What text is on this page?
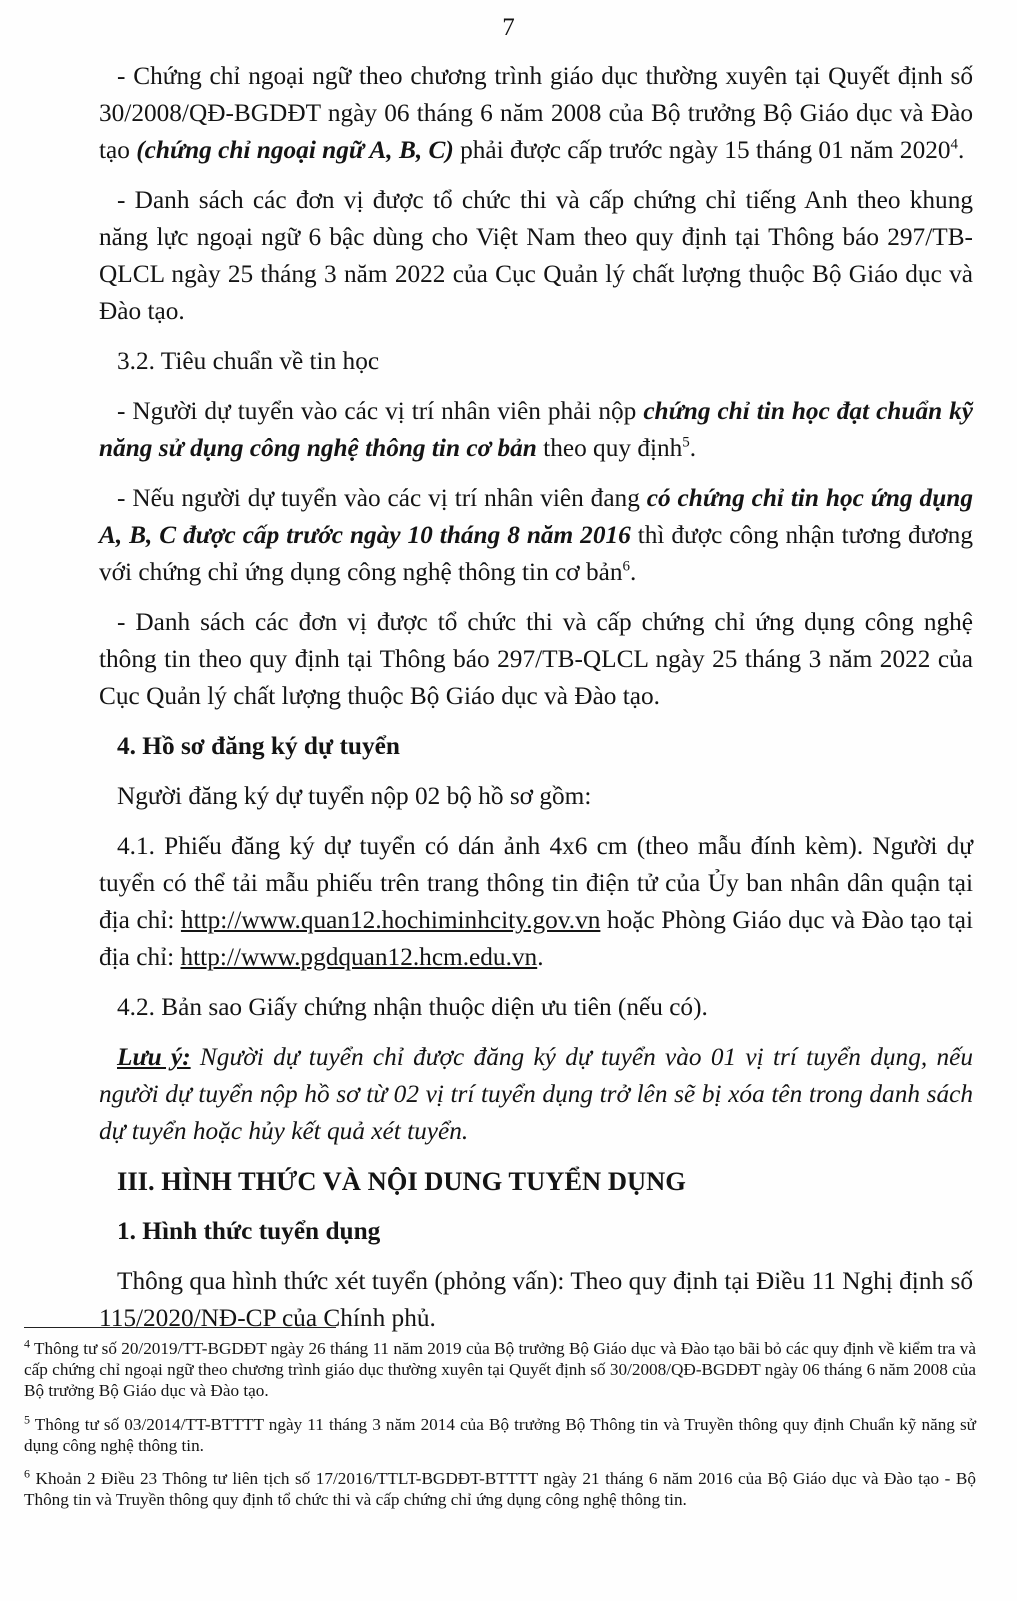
7

- Chứng chỉ ngoại ngữ theo chương trình giáo dục thường xuyên tại Quyết định số 30/2008/QĐ-BGDĐT ngày 06 tháng 6 năm 2008 của Bộ trưởng Bộ Giáo dục và Đào tạo (chứng chỉ ngoại ngữ A, B, C) phải được cấp trước ngày 15 tháng 01 năm 2020$^4$.

- Danh sách các đơn vị được tổ chức thi và cấp chứng chỉ tiếng Anh theo khung năng lực ngoại ngữ 6 bậc dùng cho Việt Nam theo quy định tại Thông báo 297/TB-QLCL ngày 25 tháng 3 năm 2022 của Cục Quản lý chất lượng thuộc Bộ Giáo dục và Đào tạo.

3.2. Tiêu chuẩn về tin học

- Người dự tuyển vào các vị trí nhân viên phải nộp chứng chỉ tin học đạt chuẩn kỹ năng sử dụng công nghệ thông tin cơ bản theo quy định$^5$.

- Nếu người dự tuyển vào các vị trí nhân viên đang có chứng chỉ tin học ứng dụng A, B, C được cấp trước ngày 10 tháng 8 năm 2016 thì được công nhận tương đương với chứng chỉ ứng dụng công nghệ thông tin cơ bản$^6$.

- Danh sách các đơn vị được tổ chức thi và cấp chứng chỉ ứng dụng công nghệ thông tin theo quy định tại Thông báo 297/TB-QLCL ngày 25 tháng 3 năm 2022 của Cục Quản lý chất lượng thuộc Bộ Giáo dục và Đào tạo.

4. Hồ sơ đăng ký dự tuyển

Người đăng ký dự tuyển nộp 02 bộ hồ sơ gồm:

4.1. Phiếu đăng ký dự tuyển có dán ảnh 4x6 cm (theo mẫu đính kèm). Người dự tuyển có thể tải mẫu phiếu trên trang thông tin điện tử của Ủy ban nhân dân quận tại địa chỉ: http://www.quan12.hochiminhcity.gov.vn hoặc Phòng Giáo dục và Đào tạo tại địa chỉ: http://www.pgdquan12.hcm.edu.vn.

4.2. Bản sao Giấy chứng nhận thuộc diện ưu tiên (nếu có).

Lưu ý: Người dự tuyển chỉ được đăng ký dự tuyển vào 01 vị trí tuyển dụng, nếu người dự tuyển nộp hồ sơ từ 02 vị trí tuyển dụng trở lên sẽ bị xóa tên trong danh sách dự tuyển hoặc hủy kết quả xét tuyển.

III. HÌNH THỨC VÀ NỘI DUNG TUYỂN DỤNG

1. Hình thức tuyển dụng

Thông qua hình thức xét tuyển (phỏng vấn): Theo quy định tại Điều 11 Nghị định số 115/2020/NĐ-CP của Chính phủ.

$^4$ Thông tư số 20/2019/TT-BGDĐT ngày 26 tháng 11 năm 2019 của Bộ trưởng Bộ Giáo dục và Đào tạo bãi bỏ các quy định về kiểm tra và cấp chứng chỉ ngoại ngữ theo chương trình giáo dục thường xuyên tại Quyết định số 30/2008/QĐ-BGDĐT ngày 06 tháng 6 năm 2008 của Bộ trưởng Bộ Giáo dục và Đào tạo.
$^5$ Thông tư số 03/2014/TT-BTTTT ngày 11 tháng 3 năm 2014 của Bộ trưởng Bộ Thông tin và Truyền thông quy định Chuẩn kỹ năng sử dụng công nghệ thông tin.
$^6$ Khoản 2 Điều 23 Thông tư liên tịch số 17/2016/TTLT-BGDĐT-BTTTT ngày 21 tháng 6 năm 2016 của Bộ Giáo dục và Đào tạo - Bộ Thông tin và Truyền thông quy định tổ chức thi và cấp chứng chỉ ứng dụng công nghệ thông tin.
